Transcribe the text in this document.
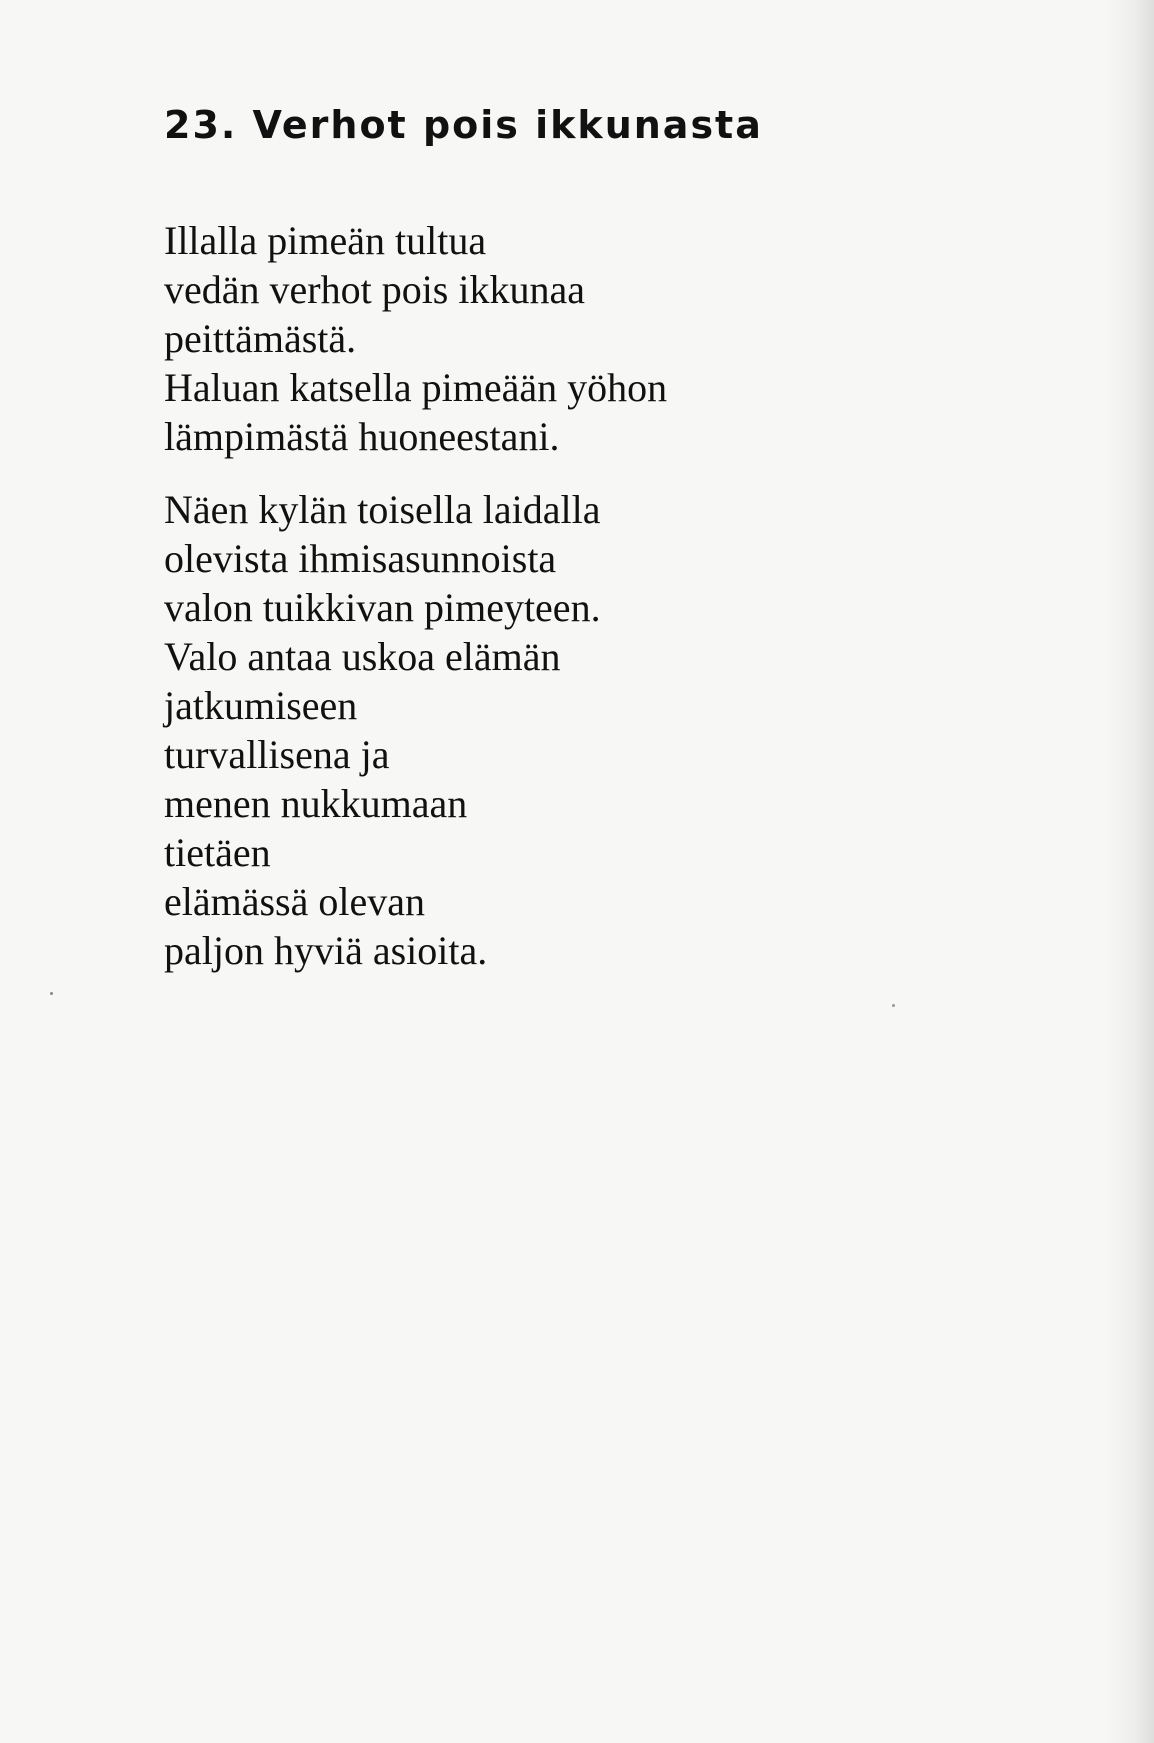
23. Verhot pois ikkunasta

Illalla pimeän tultua
vedän verhot pois ikkunaa
peittämästä.
Haluan katsella pimeään yöhon
lämpimästä huoneestani.

Näen kylän toisella laidalla
olevista ihmisasunnoista
valon tuikkivan pimeyteen.
Valo antaa uskoa elämän
jatkumiseen
turvallisena ja
menen nukkumaan
tietäen
elämässä olevan
paljon hyviä asioita.
